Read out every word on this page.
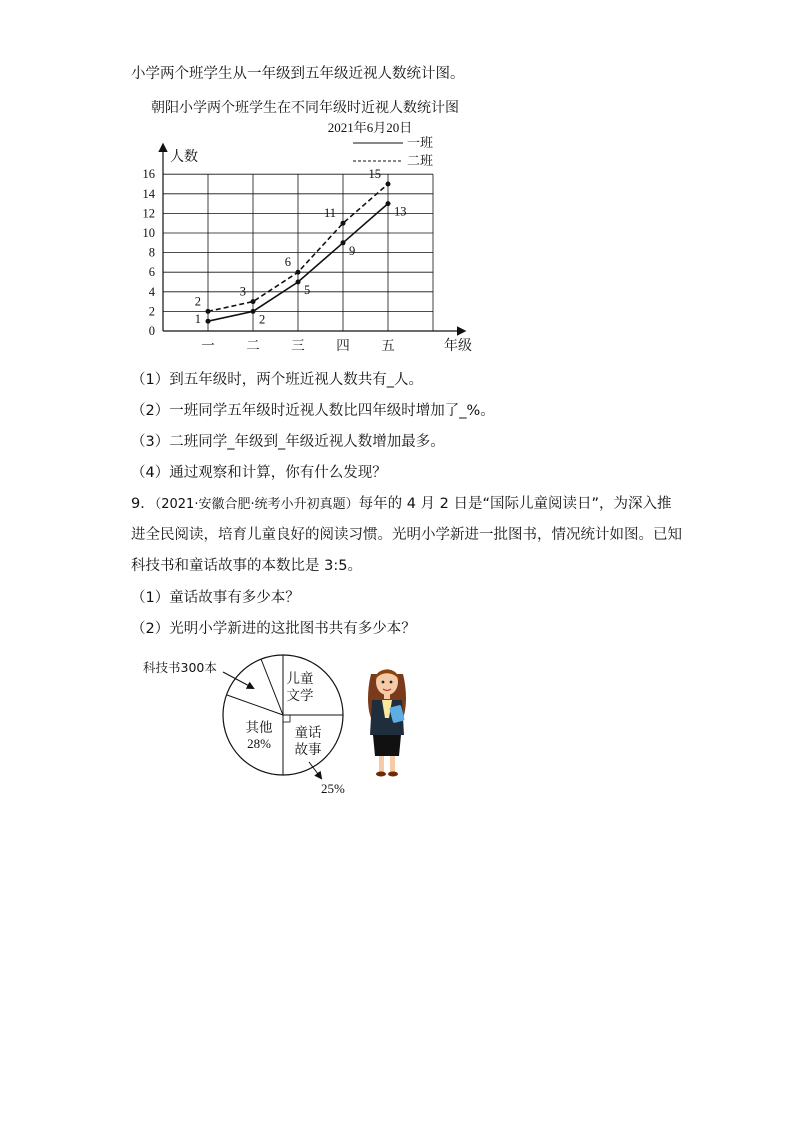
小学两个班学生从一年级到五年级近视人数统计图。
朝阳小学两个班学生在不同年级时近视人数统计图
2021年6月20日
一班
二班
人数
年级
0
2
4
6
8
10
12
14
16
一 二 三 四 五
1	2
5
9
13
2
3
6
11
15
（1）到五年级时，两个班近视人数共有_人。
（2）一班同学五年级时近视人数比四年级时增加了_%。
（3）二班同学_年级到_年级近视人数增加最多。
（4）通过观察和计算，你有什么发现？
9．（2021·安徽合肥·统考小升初真题）每年的 4 月 2 日是“国际儿童阅读日”，为深入推
进全民阅读，培育儿童良好的阅读习惯。光明小学新进一批图书，情况统计如图。已知
科技书和童话故事的本数比是 3:5。
（1）童话故事有多少本？
（2）光明小学新进的这批图书共有多少本？
科技书300本
儿童
文学
童话
故事
其他
28%
25%
